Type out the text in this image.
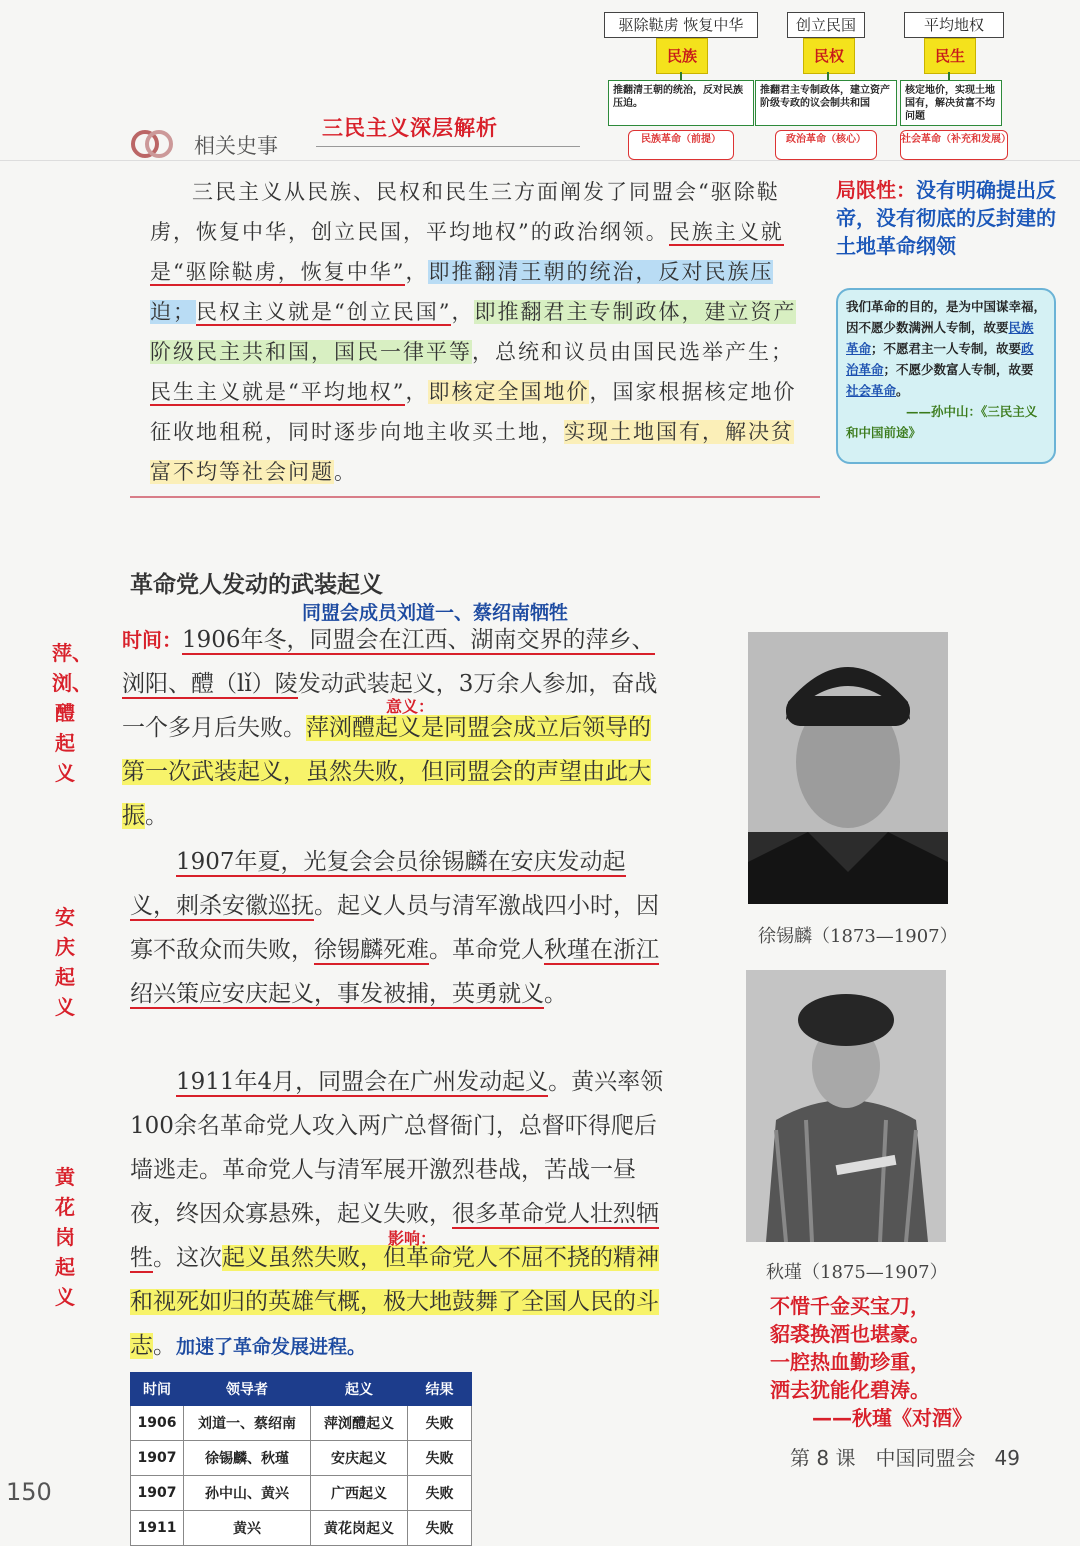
驱除鞑虏 恢复中华
民族
推翻清王朝的统治，反对民族压迫。
民族革命（前提）
创立民国
民权
推翻君主专制政体，建立资产阶级专政的议会制共和国
政治革命（核心）
平均地权
民生
核定地价，实现土地国有，解决贫富不均问题
社会革命（补充和发展）
相关史事
三民主义深层解析

三民主义从民族、民权和民生三方面阐发了同盟会“驱除鞑虏，恢复中华，创立民国，平均地权”的政治纲领。民族主义就是“驱除鞑虏，恢复中华”，即推翻清王朝的统治，反对民族压迫；民权主义就是“创立民国”，即推翻君主专制政体，建立资产阶级民主共和国，国民一律平等，总统和议员由国民选举产生；民生主义就是“平均地权”，即核定全国地价，国家根据核定地价征收地租税，同时逐步向地主收买土地，实现土地国有，解决贫富不均等社会问题。

局限性：没有明确提出反帝，没有彻底的反封建的土地革命纲领
我们革命的目的，是为中国谋幸福，因不愿少数满洲人专制，故要民族革命；不愿君主一人专制，故要政治革命；不愿少数富人专制，故要社会革命。
——孙中山：《三民主义和中国前途》
革命党人发动的武装起义
同盟会成员刘道一、蔡绍南牺牲

时间：1906年冬，同盟会在江西、湖南交界的萍乡、浏阳、醴（lǐ）陵发动武装起义，3万余人参加，奋战一个多月后失败。萍浏醴起义是同盟会成立后领导的第一次武装起义，虽然失败，但同盟会的声望由此大振。

意义：

1907年夏，光复会会员徐锡麟在安庆发动起义，刺杀安徽巡抚。起义人员与清军激战四小时，因寡不敌众而失败，徐锡麟死难。革命党人秋瑾在浙江绍兴策应安庆起义，事发被捕，英勇就义。

1911年4月，同盟会在广州发动起义。黄兴率领100余名革命党人攻入两广总督衙门，总督吓得爬后墙逃走。革命党人与清军展开激烈巷战，苦战一昼夜，终因众寡悬殊，起义失败，很多革命党人壮烈牺牲。这次起义虽然失败，但革命党人不屈不挠的精神和视死如归的英雄气概，极大地鼓舞了全国人民的斗志。加速了革命发展进程。

影响：
萍、浏、醴起义
安庆起义
黄花岗起义
徐锡麟（1873—1907）
秋瑾（1875—1907）
不惜千金买宝刀，
貂裘换酒也堪豪。
一腔热血勤珍重，
洒去犹能化碧涛。
——秋瑾《对酒》
时间	领导者	起义	结果
1906	刘道一、蔡绍南	萍浏醴起义	失败
1907	徐锡麟、秋瑾	安庆起义	失败
1907	孙中山、黄兴	广西起义	失败
1911	黄兴	黄花岗起义	失败
第 8 课　中国同盟会 49
150
